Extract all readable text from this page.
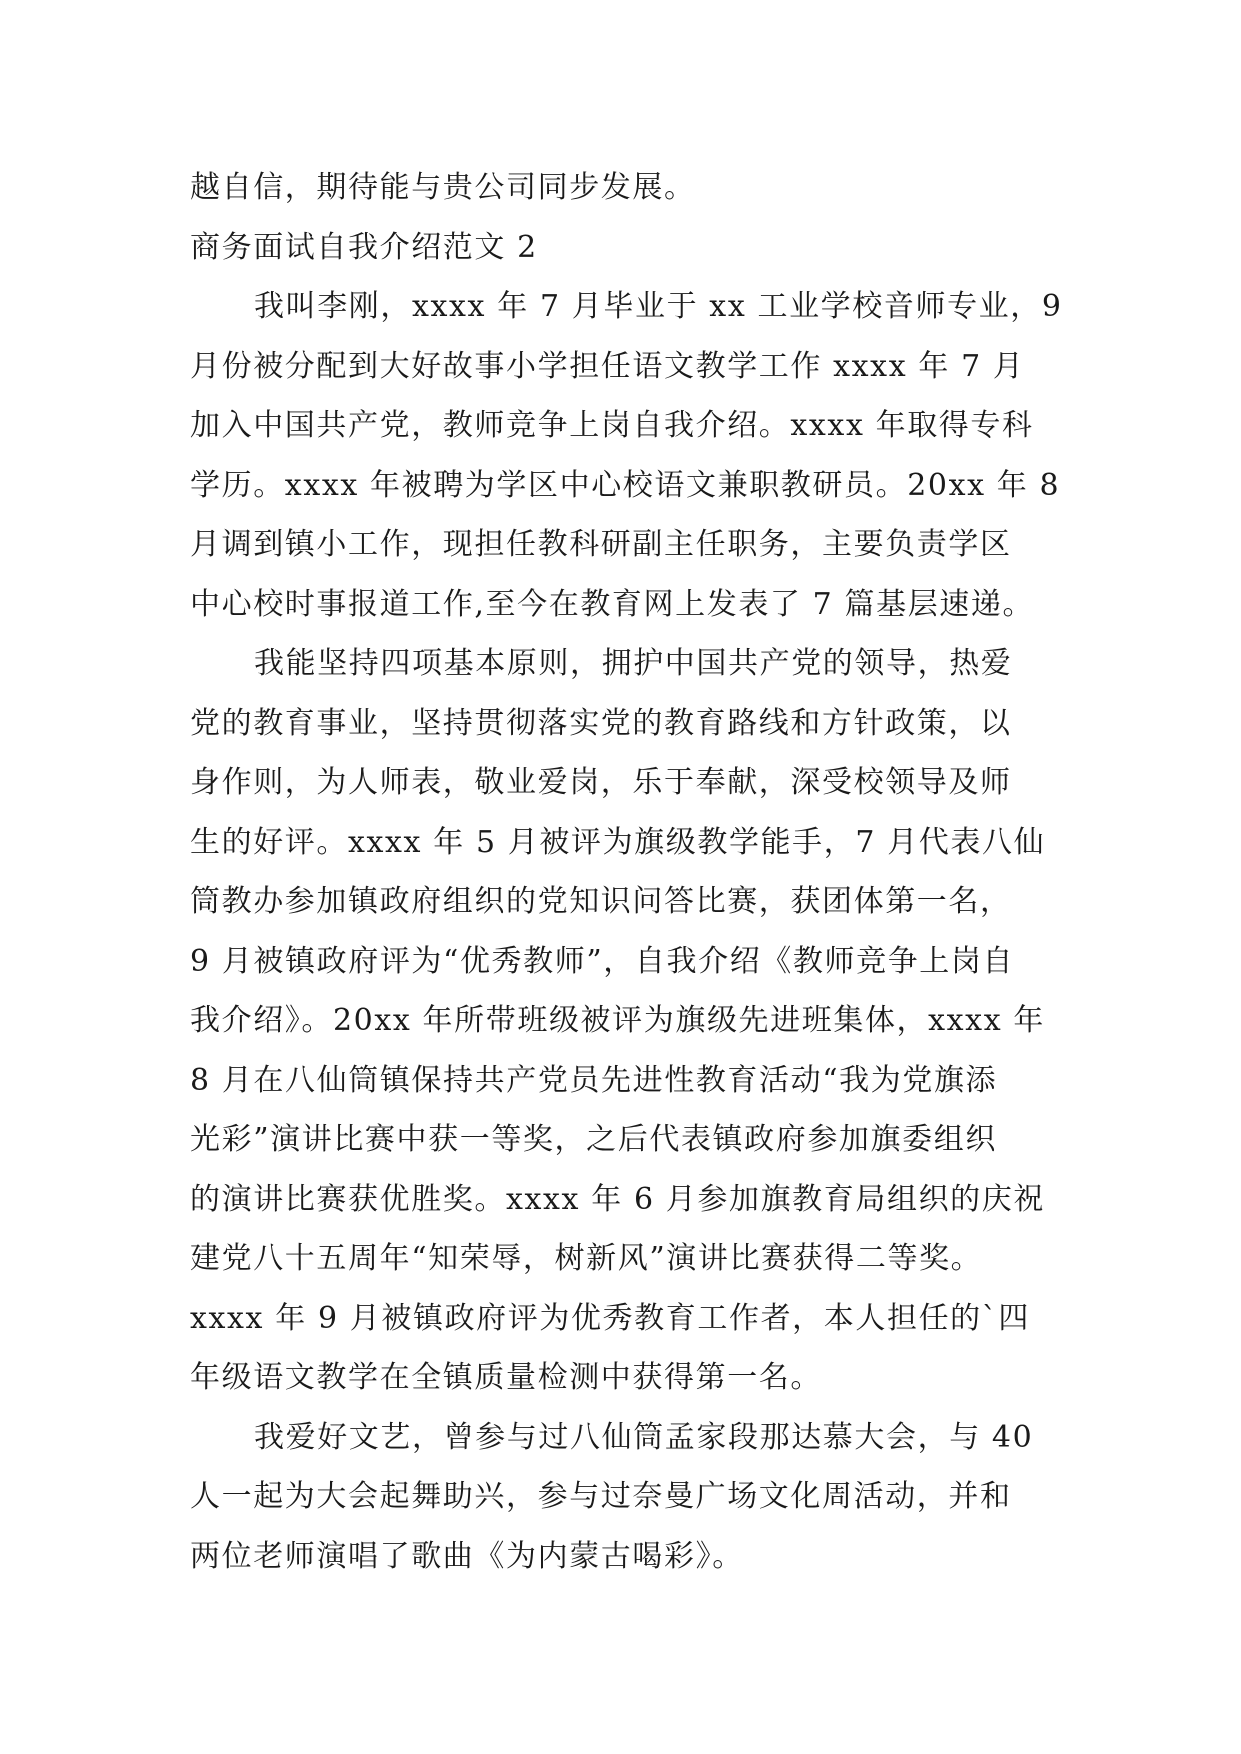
越自信，期待能与贵公司同步发展。
商务面试自我介绍范文 2
我叫李刚，xxxx 年 7 月毕业于 xx 工业学校音师专业，9
月份被分配到大好故事小学担任语文教学工作 xxxx 年 7 月
加入中国共产党，教师竞争上岗自我介绍。xxxx 年取得专科
学历。xxxx 年被聘为学区中心校语文兼职教研员。20xx 年 8
月调到镇小工作，现担任教科研副主任职务，主要负责学区
中心校时事报道工作,至今在教育网上发表了 7 篇基层速递。
我能坚持四项基本原则，拥护中国共产党的领导，热爱
党的教育事业，坚持贯彻落实党的教育路线和方针政策，以
身作则，为人师表，敬业爱岗，乐于奉献，深受校领导及师
生的好评。xxxx 年 5 月被评为旗级教学能手，7 月代表八仙
筒教办参加镇政府组织的党知识问答比赛，获团体第一名，
9 月被镇政府评为“优秀教师”，自我介绍《教师竞争上岗自
我介绍》。20xx 年所带班级被评为旗级先进班集体，xxxx 年
8 月在八仙筒镇保持共产党员先进性教育活动“我为党旗添
光彩”演讲比赛中获一等奖，之后代表镇政府参加旗委组织
的演讲比赛获优胜奖。xxxx 年 6 月参加旗教育局组织的庆祝
建党八十五周年“知荣辱，树新风”演讲比赛获得二等奖。
xxxx 年 9 月被镇政府评为优秀教育工作者，本人担任的`四
年级语文教学在全镇质量检测中获得第一名。
我爱好文艺，曾参与过八仙筒孟家段那达慕大会，与 40
人一起为大会起舞助兴，参与过奈曼广场文化周活动，并和
两位老师演唱了歌曲《为内蒙古喝彩》。
